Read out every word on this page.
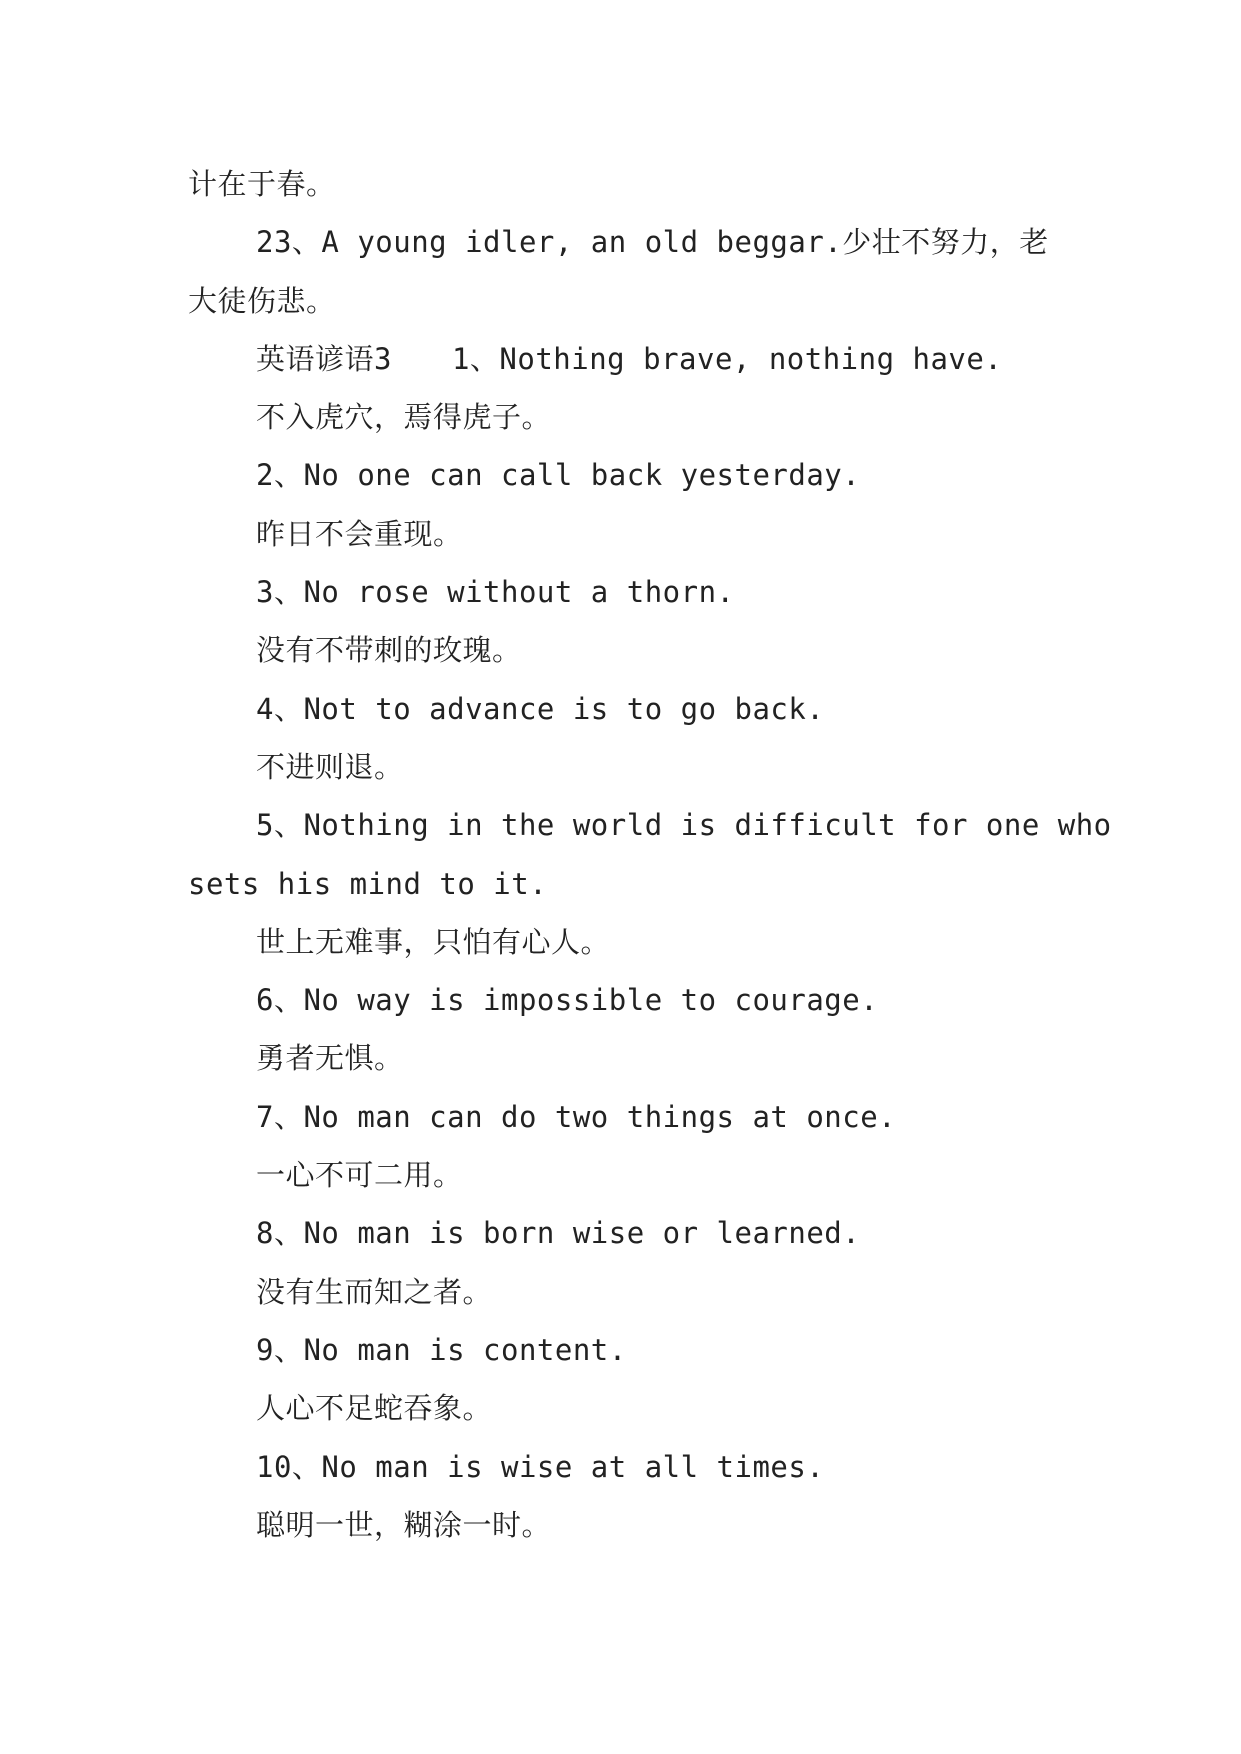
计在于春。
23、A young idler, an old beggar.少壮不努力，老
大徒伤悲。
英语谚语3 1、Nothing brave, nothing have.
不入虎穴，焉得虎子。
2、No one can call back yesterday.
昨日不会重现。
3、No rose without a thorn.
没有不带刺的玫瑰。
4、Not to advance is to go back.
不进则退。
5、Nothing in the world is difficult for one who
sets his mind to it.
世上无难事，只怕有心人。
6、No way is impossible to courage.
勇者无惧。
7、No man can do two things at once.
一心不可二用。
8、No man is born wise or learned.
没有生而知之者。
9、No man is content.
人心不足蛇吞象。
10、No man is wise at all times.
聪明一世，糊涂一时。
